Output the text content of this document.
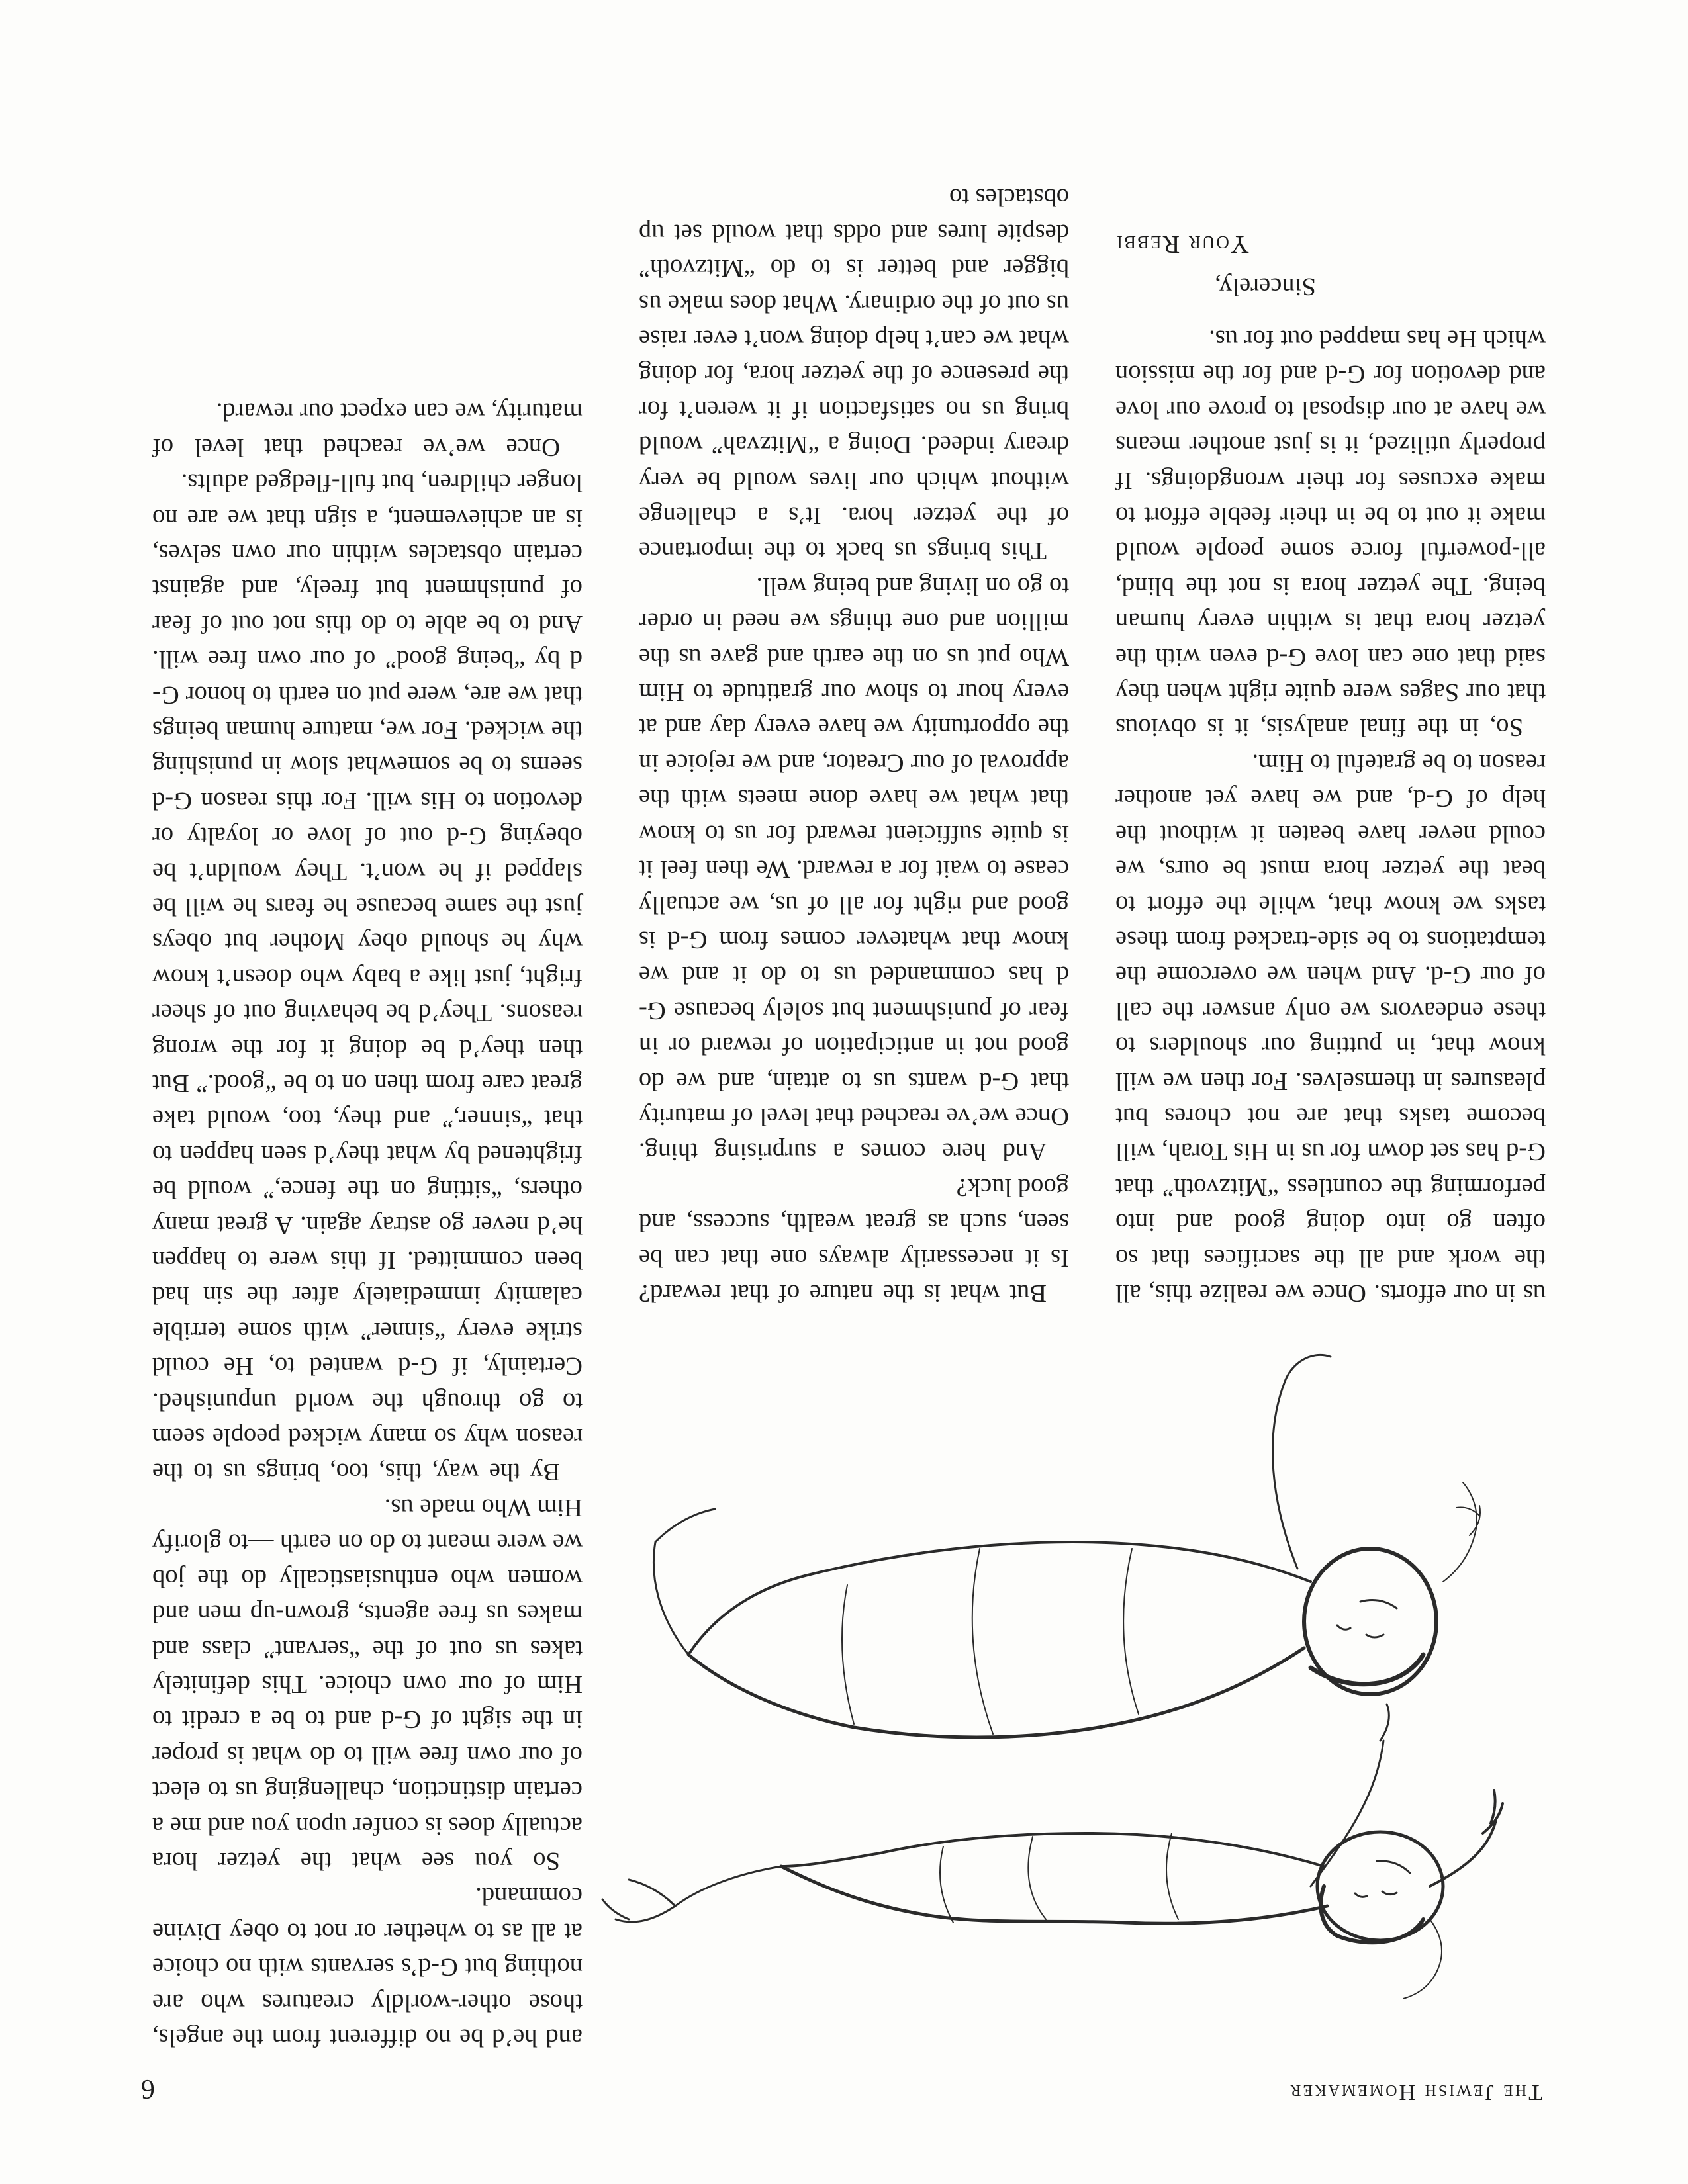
The Jewish Homemaker
6

us in our efforts. Once we realize this, all the work and all the sacrifices that so often go into doing good and into performing the countless “Mitzvoth” that G-d has set down for us in His Torah, will become tasks that are not chores but pleasures in themselves. For then we will know that, in putting our shoulders to these endeavors we only answer the call of our G-d. And when we overcome the temptations to be side-tracked from these tasks we know that, while the effort to beat the yetzer hora must be ours, we could never have beaten it without the help of G-d, and we have yet another reason to be grateful to Him.

So, in the final analysis, it is obvious that our Sages were quite right when they said that one can love G-d even with the yetzer hora that is within every human being. The yetzer hora is not the blind, all-powerful force some people would make it out to be in their feeble effort to make excuses for their wrongdoings. If properly utilized, it is just another means we have at our disposal to prove our love and devotion for G-d and for the mission which He has mapped out for us.

Sincerely,
Your Rebbi

But what is the nature of that reward? Is it necessarily always one that can be seen, such as great wealth, success, and good luck?

And here comes a surprising thing. Once we’ve reached that level of maturity that G-d wants us to attain, and we do good not in anticipation of reward or in fear of punishment but solely because G-d has commanded us to do it and we know that whatever comes from G-d is good and right for all of us, we actually cease to wait for a reward. We then feel it is quite sufficient reward for us to know that what we have done meets with the approval of our Creator, and we rejoice in the opportunity we have every day and at every hour to show our gratitude to Him Who put us on the earth and gave us the million and one things we need in order to go on living and being well.

This brings us back to the importance of the yetzer hora. It’s a challenge without which our lives would be very dreary indeed. Doing a “Mitzvah” would bring us no satisfaction if it weren’t for the presence of the yetzer hora, for doing what we can’t help doing won’t ever raise us out of the ordinary. What does make us bigger and better is to do “Mitzvoth” despite lures and odds that would set up obstacles to

and he’d be no different from the angels, those other-worldly creatures who are nothing but G-d’s servants with no choice at all as to whether or not to obey Divine command.

So you see what the yetzer hora actually does is confer upon you and me a certain distinction, challenging us to elect of our own free will to do what is proper in the sight of G-d and to be a credit to Him of our own choice. This definitely takes us out of the “servant” class and makes us free agents, grown-up men and women who enthusiastically do the job we were meant to do on earth —to glorify Him Who made us.

By the way, this, too, brings us to the reason why so many wicked people seem to go through the world unpunished. Certainly, if G-d wanted to, He could strike every “sinner” with some terrible calamity immediately after the sin had been committed. If this were to happen he’d never go astray again. A great many others, “sitting on the fence,” would be frightened by what they’d seen happen to that “sinner,” and they, too, would take great care from then on to be “good.” But then they’d be doing it for the wrong reasons. They’d be behaving out of sheer fright, just like a baby who doesn’t know why he should obey Mother but obeys just the same because he fears he will be slapped if he won’t. They wouldn’t be obeying G-d out of love or loyalty or devotion to His will. For this reason G-d seems to be somewhat slow in punishing the wicked. For we, mature human beings that we are, were put on earth to honor G-d by “being good” of our own free will. And to be able to do this not out of fear of punishment but freely, and against certain obstacles within our own selves, is an achievement, a sign that we are no longer children, but full-fledged adults.

Once we’ve reached that level of maturity, we can expect our reward.
